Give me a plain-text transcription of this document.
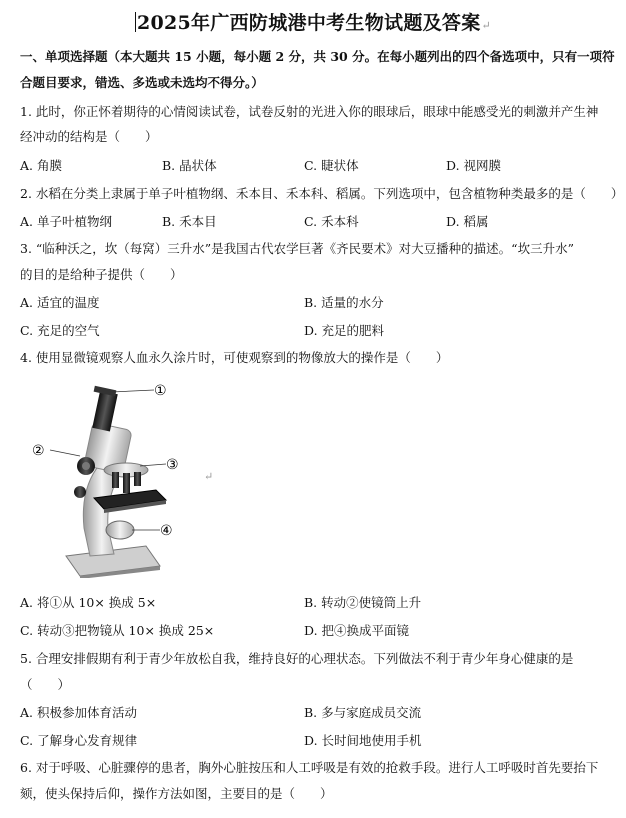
2025年广西防城港中考生物试题及答案↵
一、单项选择题（本大题共 15 小题，每小题 2 分，共 30 分。在每小题列出的四个备选项中，只有一项符
合题目要求，错选、多选或未选均不得分。）
1. 此时，你正怀着期待的心情阅读试卷，试卷反射的光进入你的眼球后，眼球中能感受光的刺激并产生神
经冲动的结构是（　　）
A. 角膜	B. 晶状体	C. 睫状体	D. 视网膜
2. 水稻在分类上隶属于单子叶植物纲、禾本目、禾本科、稻属。下列选项中，包含植物种类最多的是（　　）
A. 单子叶植物纲	B. 禾本目	C. 禾本科	D. 稻属
3. “临种沃之，坎（每窝）三升水”是我国古代农学巨著《齐民要术》对大豆播种的描述。“坎三升水”
的目的是给种子提供（　　）
A. 适宜的温度	B. 适量的水分
C. 充足的空气	D. 充足的肥料
4. 使用显微镜观察人血永久涂片时，可使观察到的物像放大的操作是（　　）
①
②
③
④
↵
A. 将①从 10× 换成 5×	B. 转动②使镜筒上升
C. 转动③把物镜从 10× 换成 25×	D. 把④换成平面镜
5. 合理安排假期有利于青少年放松自我，维持良好的心理状态。下列做法不利于青少年身心健康的是
（　　）
A. 积极参加体育活动	B. 多与家庭成员交流
C. 了解身心发育规律	D. 长时间地使用手机
6. 对于呼吸、心脏骤停的患者，胸外心脏按压和人工呼吸是有效的抢救手段。进行人工呼吸时首先要抬下
颏，使头保持后仰，操作方法如图，主要目的是（　　）
